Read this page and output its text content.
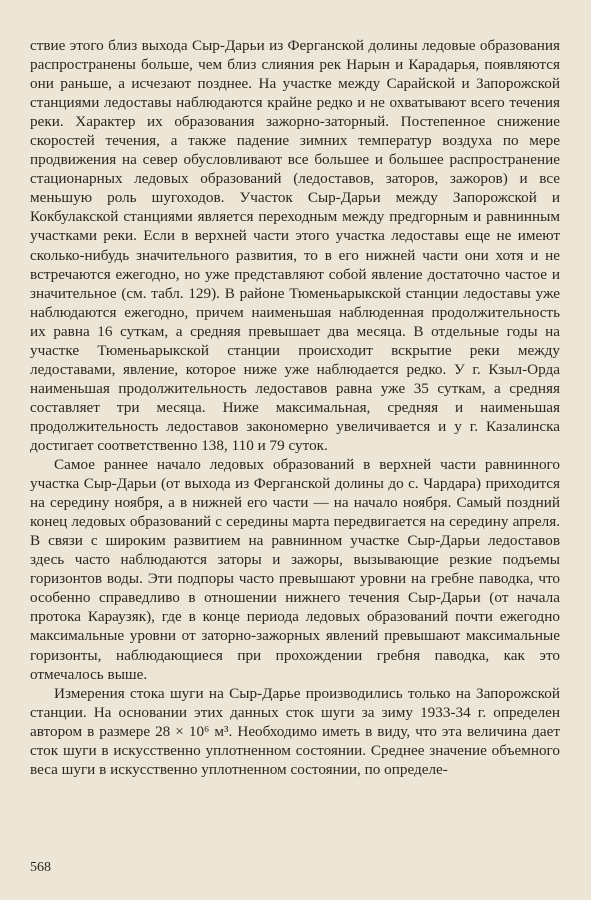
ствие этого близ выхода Сыр-Дарьи из Ферганской долины ледовые образования распространены больше, чем близ слияния рек Нарын и Карадарья, появляются они раньше, а исчезают позднее. На участке между Сарайской и Запорожской станциями ледоставы наблюдаются крайне редко и не охватывают всего течения реки. Характер их образования зажорно-заторный. Постепенное снижение скоростей течения, а также падение зимних температур воздуха по мере продвижения на север обусловливают все большее и большее распространение стационарных ледовых образований (ледоставов, заторов, зажоров) и все меньшую роль шугоходов. Участок Сыр-Дарьи между Запорожской и Кокбулакской станциями является переходным между предгорным и равнинным участками реки. Если в верхней части этого участка ледоставы еще не имеют сколько-нибудь значительного развития, то в его нижней части они хотя и не встречаются ежегодно, но уже представляют собой явление достаточно частое и значительное (см. табл. 129). В районе Тюменьарыкской станции ледоставы уже наблюдаются ежегодно, причем наименьшая наблюденная продолжительность их равна 16 суткам, а средняя превышает два месяца. В отдельные годы на участке Тюменьарыкской станции происходит вскрытие реки между ледоставами, явление, которое ниже уже наблюдается редко. У г. Кзыл-Орда наименьшая продолжительность ледоставов равна уже 35 суткам, а средняя составляет три месяца. Ниже максимальная, средняя и наименьшая продолжительность ледоставов закономерно увеличивается и у г. Казалинска достигает соответственно 138, 110 и 79 суток.

Самое раннее начало ледовых образований в верхней части равнинного участка Сыр-Дарьи (от выхода из Ферганской долины до с. Чардара) приходится на середину ноября, а в нижней его части — на начало ноября. Самый поздний конец ледовых образований с середины марта передвигается на середину апреля. В связи с широким развитием на равнинном участке Сыр-Дарьи ледоставов здесь часто наблюдаются заторы и зажоры, вызывающие резкие подъемы горизонтов воды. Эти подпоры часто превышают уровни на гребне паводка, что особенно справедливо в отношении нижнего течения Сыр-Дарьи (от начала протока Караузяк), где в конце периода ледовых образований почти ежегодно максимальные уровни от заторно-зажорных явлений превышают максимальные горизонты, наблюдающиеся при прохождении гребня паводка, как это отмечалось выше.

Измерения стока шуги на Сыр-Дарье производились только на Запорожской станции. На основании этих данных сток шуги за зиму 1933-34 г. определен автором в размере 28 × 10⁶ м³. Необходимо иметь в виду, что эта величина дает сток шуги в искусственно уплотненном состоянии. Среднее значение объемного веса шуги в искусственно уплотненном состоянии, по определе-

568
